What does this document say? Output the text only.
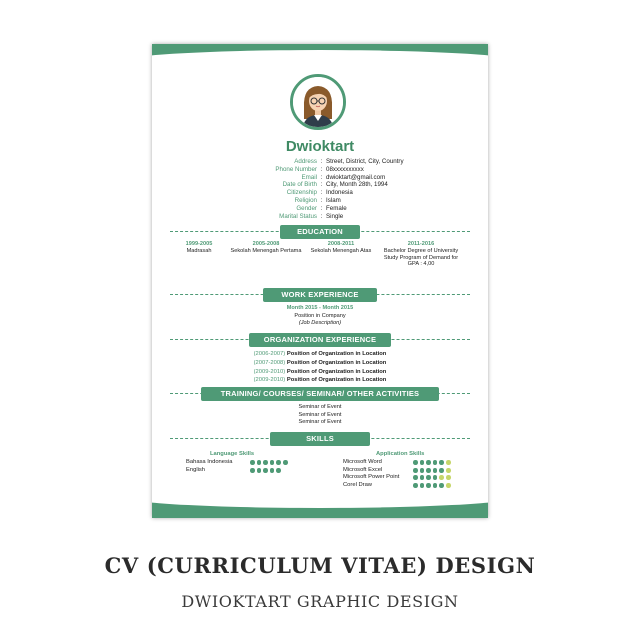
Dwioktart
Address : Street, District, City, Country
Phone Number : 08xxxxxxxxxx
Email : dwioktart@gmail.com
Date of Birth : City, Month 28th, 1994
Citizenship : Indonesia
Religion : Islam
Gender : Female
Marital Status : Single
EDUCATION
1999-2005
Madrasah
2005-2008
Sekolah Menengah Pertama
2008-2011
Sekolah Menengah Atas
2011-2016
Bachelor Degree of University
Study Program of Demand for GPA : 4,00
WORK EXPERIENCE
Month 2015 - Month 2015
Position in Company
(Job Description)
ORGANIZATION EXPERIENCE
(2006-2007) Position of Organization in Location
(2007-2008) Position of Organization in Location
(2009-2010) Position of Organization in Location
(2009-2010) Position of Organization in Location
TRAINING/ COURSES/ SEMINAR/ OTHER ACTIVITIES
Seminar of Event
Seminar of Event
Seminar of Event
SKILLS
Language Skills	Application Skills
Bahasa Indonesia
English
Microsoft Word
Microsoft Excel
Microsoft Power Point
Corel Draw
CV (CURRICULUM VITAE) DESIGN
DWIOKTART GRAPHIC DESIGN
